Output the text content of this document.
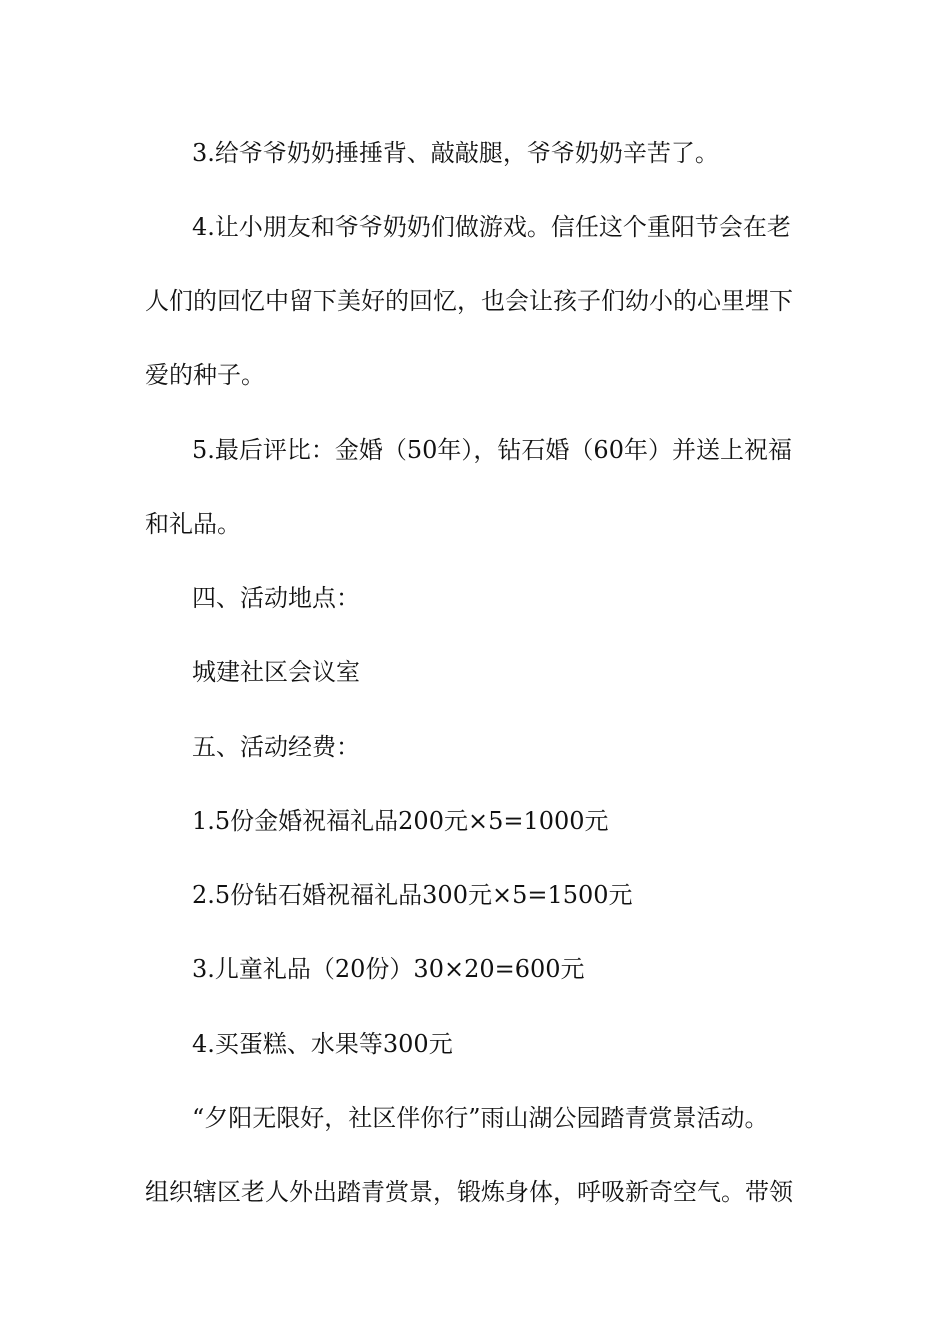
3.给爷爷奶奶捶捶背、敲敲腿，爷爷奶奶辛苦了。
4.让小朋友和爷爷奶奶们做游戏。信任这个重阳节会在老
人们的回忆中留下美好的回忆，也会让孩子们幼小的心里埋下
爱的种子。
5.最后评比：金婚（50年），钻石婚（60年）并送上祝福
和礼品。
四、活动地点：
城建社区会议室
五、活动经费：
1.5份金婚祝福礼品200元×5=1000元
2.5份钻石婚祝福礼品300元×5=1500元
3.儿童礼品（20份）30×20=600元
4.买蛋糕、水果等300元
“夕阳无限好，社区伴你行”雨山湖公园踏青赏景活动。
组织辖区老人外出踏青赏景，锻炼身体，呼吸新奇空气。带领
